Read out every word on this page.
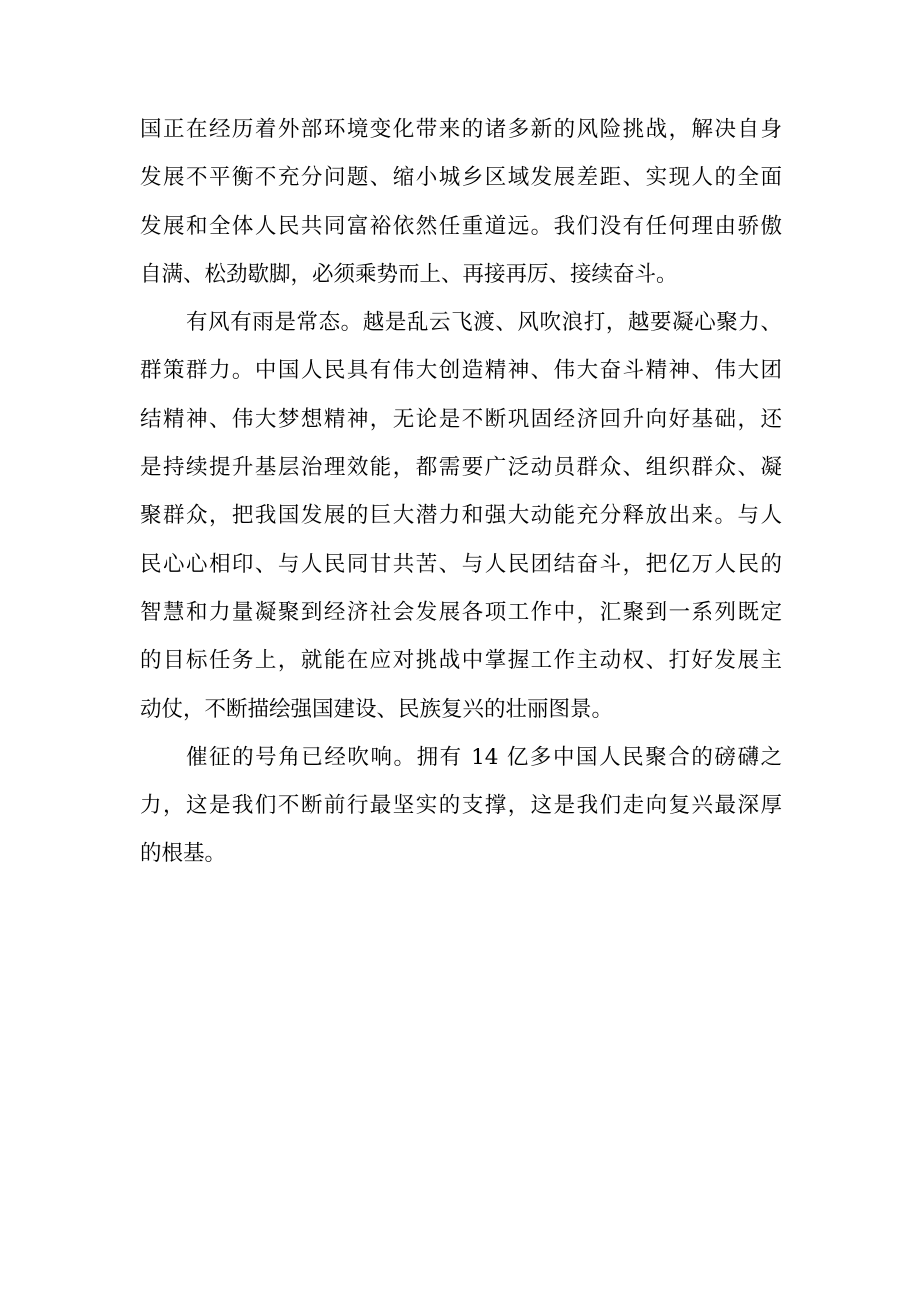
国正在经历着外部环境变化带来的诸多新的风险挑战，解决自身
发展不平衡不充分问题、缩小城乡区域发展差距、实现人的全面
发展和全体人民共同富裕依然任重道远。我们没有任何理由骄傲
自满、松劲歇脚，必须乘势而上、再接再厉、接续奋斗。
有风有雨是常态。越是乱云飞渡、风吹浪打，越要凝心聚力、
群策群力。中国人民具有伟大创造精神、伟大奋斗精神、伟大团
结精神、伟大梦想精神，无论是不断巩固经济回升向好基础，还
是持续提升基层治理效能，都需要广泛动员群众、组织群众、凝
聚群众，把我国发展的巨大潜力和强大动能充分释放出来。与人
民心心相印、与人民同甘共苦、与人民团结奋斗，把亿万人民的
智慧和力量凝聚到经济社会发展各项工作中，汇聚到一系列既定
的目标任务上，就能在应对挑战中掌握工作主动权、打好发展主
动仗，不断描绘强国建设、民族复兴的壮丽图景。
催征的号角已经吹响。拥有 14 亿多中国人民聚合的磅礴之
力，这是我们不断前行最坚实的支撑，这是我们走向复兴最深厚
的根基。
